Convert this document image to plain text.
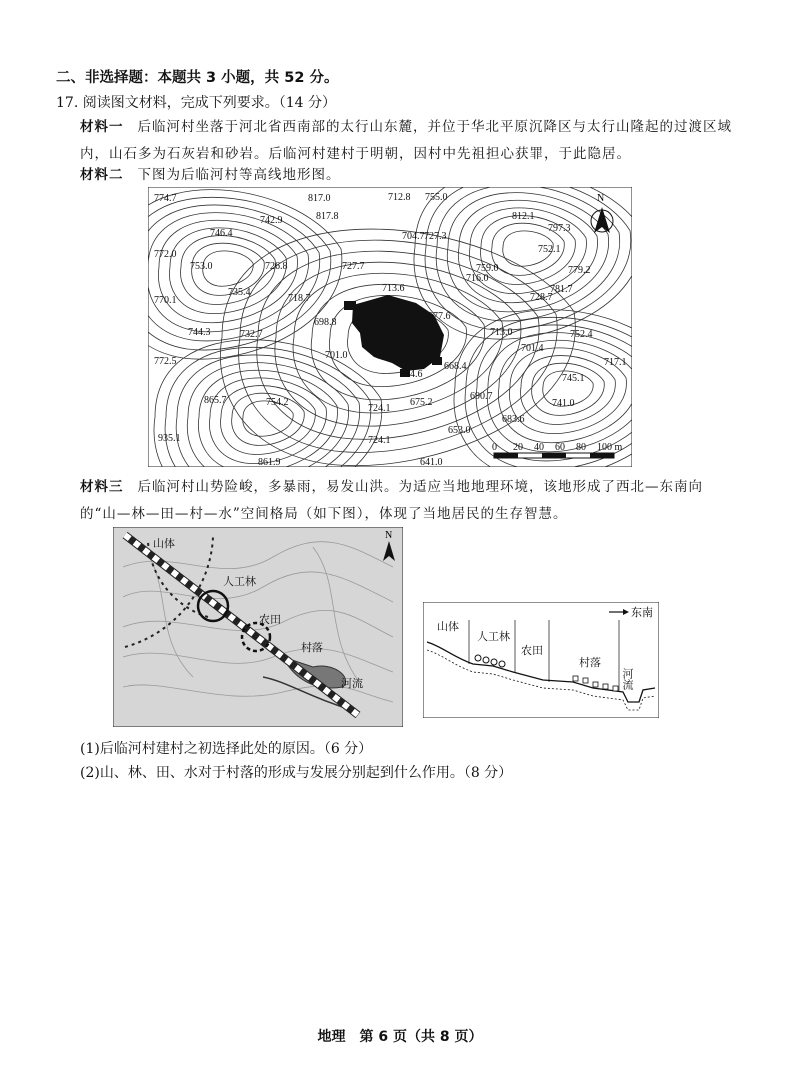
二、非选择题：本题共 3 小题，共 52 分。
17. 阅读图文材料，完成下列要求。（14 分）
材料一 后临河村坐落于河北省西南部的太行山东麓，并位于华北平原沉降区与太行山隆起的过渡区域内，山石多为石灰岩和砂岩。后临河村建村于明朝，因村中先祖担心获罪，于此隐居。
材料二 下图为后临河村等高线地形图。
774.7	817.0
817.8
712.8 755.0
812.1
797.3
746.4
742.9
704.7 727.3
772.0
753.0	726.8	727.7
752.1
779.2
735.4
718.7
713.6
716.0
759.0
781.7
770.1	728.7
698.8
677.6
744.3	732.7	713.0	752.4
701.0
701.4
772.5
664.6
668.4	717.1
745.1
865.7	754.2
724.1
675.2
690.7
741.0
683.6
935.1
653.0
724.1
861.9	641.0
0 20 40 60 80 100 m
N
材料三 后临河村山势险峻，多暴雨，易发山洪。为适应当地地理环境，该地形成了西北—东南向的“山—林—田—村—水”空间格局（如下图），体现了当地居民的生存智慧。
山体
人工林
农田
村落
河流
N
东南
山体
人工林
农田
村落
河流
(1)后临河村建村之初选择此处的原因。（6 分）
(2)山、林、田、水对于村落的形成与发展分别起到什么作用。（8 分）
地理　第 6 页（共 8 页）
